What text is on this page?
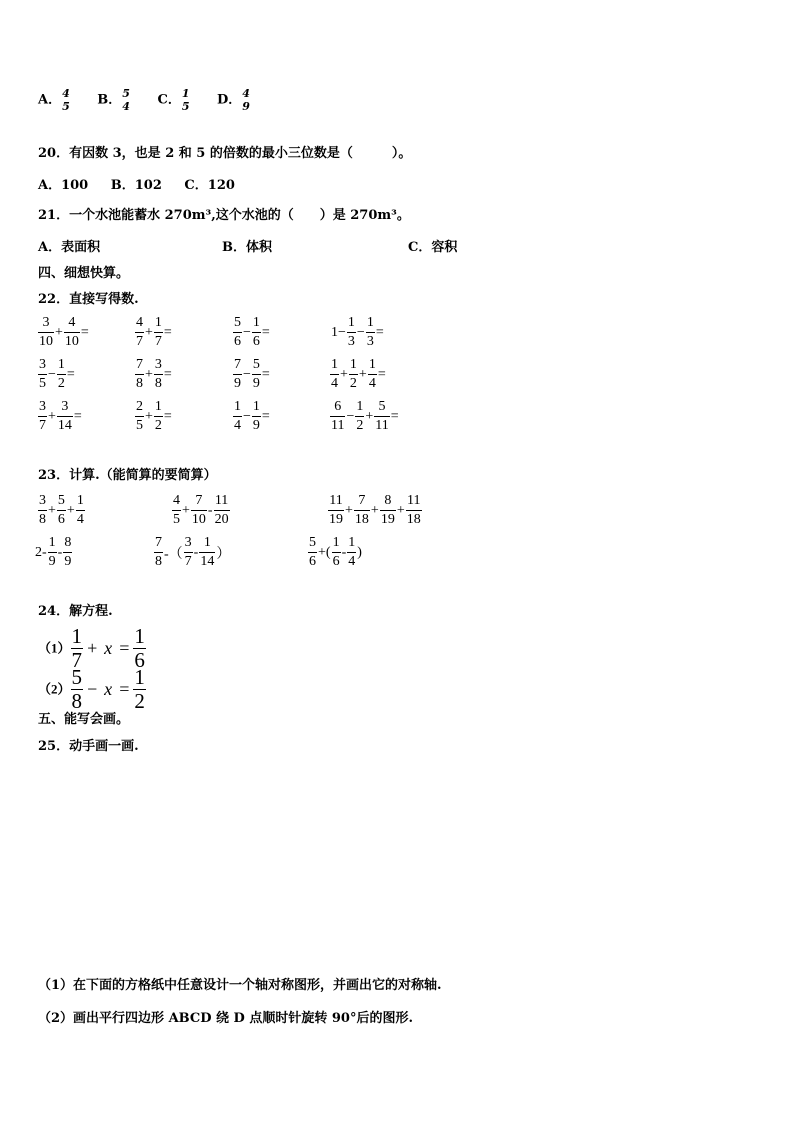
A． 4
5 B． 5
4 C． 1
5 D． 4
9
20．有因数 3，也是 2 和 5 的倍数的最小三位数是（　　　）。
A．100 B．102 C．120
21．一个水池能蓄水 270m³,这个水池的（　　）是 270m³。
A．表面积	B．体积	C．容积
四、细想快算。
22．直接写得数.
$\frac{3}{10} + \frac{4}{10}$ =	$\frac{4}{7} + \frac{1}{7}$ =	$\frac{5}{6} - \frac{1}{6}$ =	$1- \frac{1}{3} - \frac{1}{3}$ =
$\frac{3}{5} - \frac{1}{2}$ =	$\frac{7}{8} + \frac{3}{8}$ =	$\frac{7}{9} - \frac{5}{9}$ =	$\frac{1}{4} + \frac{1}{2} + \frac{1}{4}$ =
$\frac{3}{7} + \frac{3}{14}$ =	$\frac{2}{5} + \frac{1}{2}$ =	$\frac{1}{4} - \frac{1}{9}$ =	$\frac{6}{11} - \frac{1}{2} + \frac{5}{11}$ =
23．计算.（能简算的要简算）
$\frac{3}{8} + \frac{5}{6} + \frac{1}{4}$	$\frac{4}{5} + \frac{7}{10} - \frac{11}{20}$	$\frac{11}{19} + \frac{7}{18} + \frac{8}{19} + \frac{11}{18}$
$2- \frac{1}{9} - \frac{8}{9}$	$\frac{7}{8}$ -（ $\frac{3}{7} - \frac{1}{14}$ ）	$\frac{5}{6}$ +( $\frac{1}{6} - \frac{1}{4}$ )
24．解方程.
$(1) \frac{1}{7} + x = \frac{1}{6}$
$(2) \frac{5}{8} - x = \frac{1}{2}$
五、能写会画。
25．动手画一画.
（1）在下面的方格纸中任意设计一个轴对称图形，并画出它的对称轴.
（2）画出平行四边形 ABCD 绕 D 点顺时针旋转 90°后的图形.
